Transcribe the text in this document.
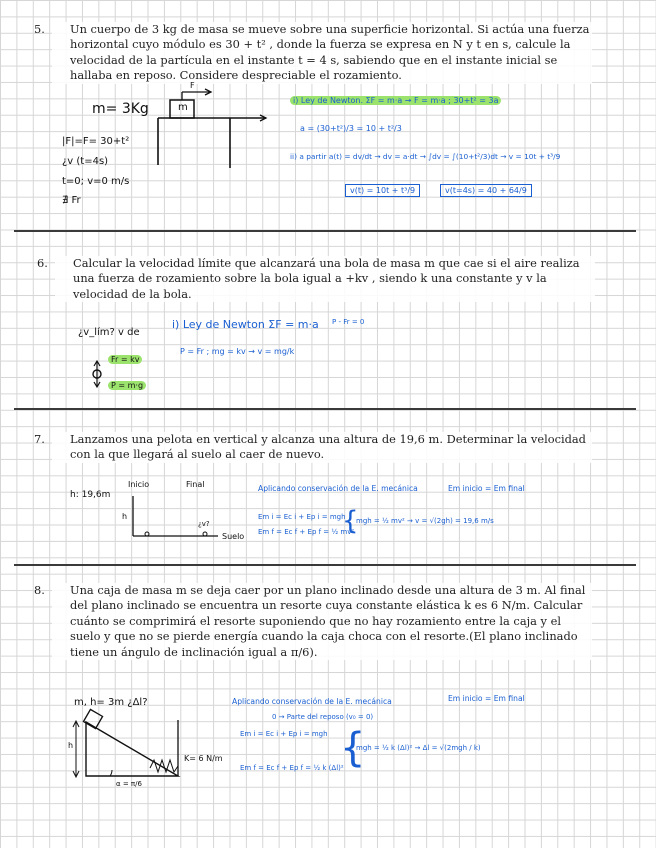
5. Un cuerpo de 3 kg de masa se mueve sobre una superficie horizontal. Si actúa una fuerza horizontal cuyo módulo es 30 + t² , donde la fuerza se expresa en N y t en s, calcule la velocidad de la partícula en el instante t = 4 s, sabiendo que en el instante inicial se hallaba en reposo. Considere despreciable el rozamiento.

m= 3Kg	m
F
|F|=F= 30+t²
¿v (t=4s)
t=0; v=0 m/s
∄ Fr
i) Ley de Newton. ΣF = m·a → F = m·a ; 30+t² = 3a
a = (30+t²)/3 = 10 + t²/3
ii) a partir a(t) = dv/dt → dv = a·dt → ∫dv = ∫(10+t²/3)dt → v = 10t + t³/9
v(t) = 10t + t³/9	v(t=4s) = 40 + 64/9

6. Calcular la velocidad límite que alcanzará una bola de masa m que cae si el aire realiza una fuerza de rozamiento sobre la bola igual a +kv , siendo k una constante y v la velocidad de la bola.

¿v_lím? v de
Fr = kv
P = m·g
i) Ley de Newton ΣF = m·a P - Fr = 0
P = Fr ; mg = kv → v = mg/k

7. Lanzamos una pelota en vertical y alcanza una altura de 19,6 m. Determinar la velocidad con la que llegará al suelo al caer de nuevo.

h: 19,6m
Inicio	Final
h
¿v?
Suelo
Aplicando conservación de la E. mecánica	Em inicio = Em final
Em i = Ec i + Ep i = mgh
Em f = Ec f + Ep f = ½ mv²
{
mgh = ½ mv² → v = √(2gh) = 19,6 m/s

8. Una caja de masa m se deja caer por un plano inclinado desde una altura de 3 m. Al final del plano inclinado se encuentra un resorte cuya constante elástica k es 6 N/m. Calcular cuánto se comprimirá el resorte suponiendo que no hay rozamiento entre la caja y el suelo y que no se pierde energía cuando la caja choca con el resorte.(El plano inclinado tiene un ángulo de inclinación igual a π/6).

m, h= 3m ¿Δl?
h
K= 6 N/m
α = π/6
Aplicando conservación de la E. mecánica	Em inicio = Em final
0 → Parte del reposo (v₀ = 0)
Em i = Ec i + Ep i = mgh
Em f = Ec f + Ep f = ½ k (Δl)²
{
mgh = ½ k (Δl)² → Δl = √(2mgh / k)
